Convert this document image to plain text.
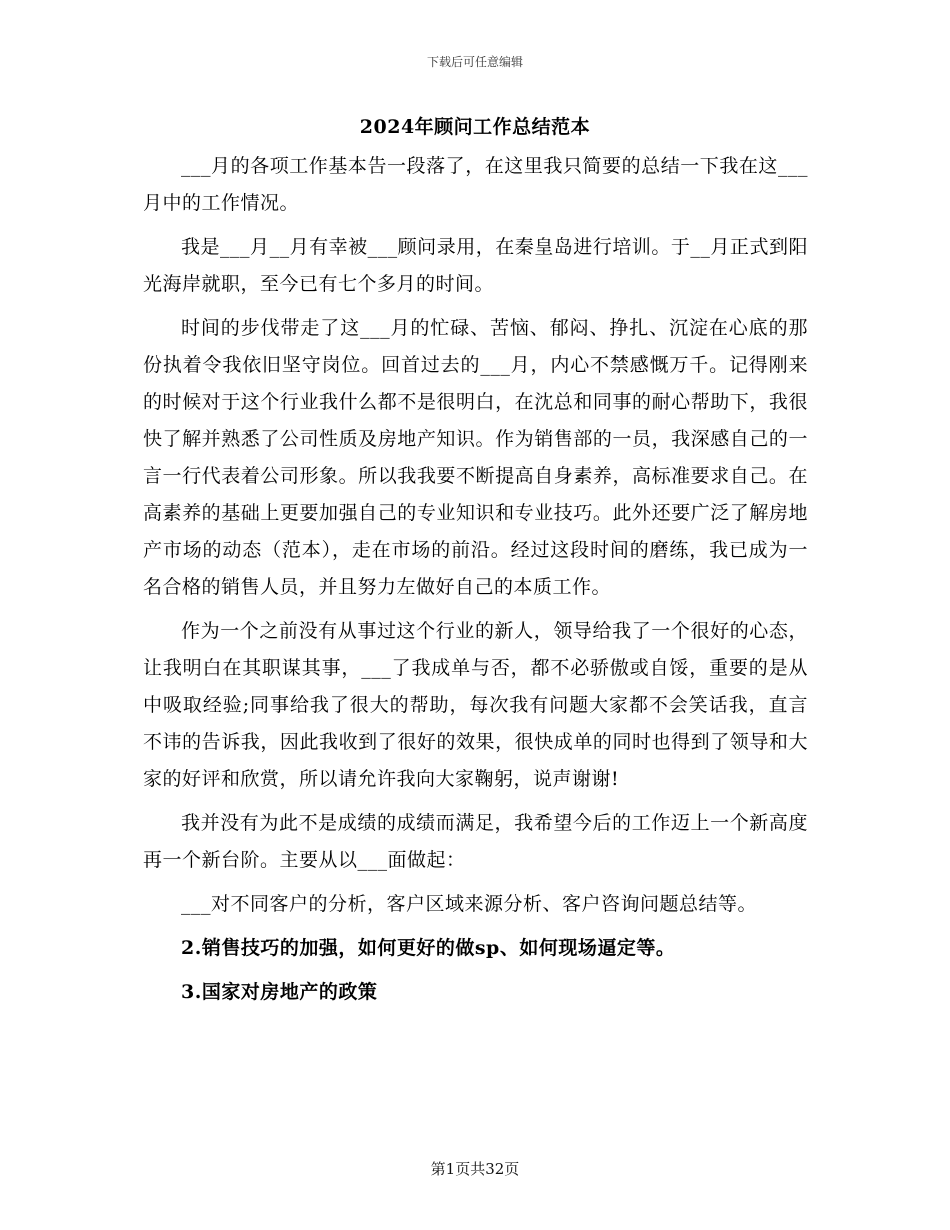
下载后可任意编辑
2024年顾问工作总结范本

___月的各项工作基本告一段落了，在这里我只简要的总结一下我在这___月中的工作情况。

我是___月__月有幸被___顾问录用，在秦皇岛进行培训。于__月正式到阳光海岸就职，至今已有七个多月的时间。

时间的步伐带走了这___月的忙碌、苦恼、郁闷、挣扎、沉淀在心底的那份执着令我依旧坚守岗位。回首过去的___月，内心不禁感慨万千。记得刚来的时候对于这个行业我什么都不是很明白，在沈总和同事的耐心帮助下，我很快了解并熟悉了公司性质及房地产知识。作为销售部的一员，我深感自己的一言一行代表着公司形象。所以我我要不断提高自身素养，高标准要求自己。在高素养的基础上更要加强自己的专业知识和专业技巧。此外还要广泛了解房地产市场的动态（范本），走在市场的前沿。经过这段时间的磨练，我已成为一名合格的销售人员，并且努力左做好自己的本质工作。

作为一个之前没有从事过这个行业的新人，领导给我了一个很好的心态，让我明白在其职谋其事，___了我成单与否，都不必骄傲或自馁，重要的是从中吸取经验;同事给我了很大的帮助，每次我有问题大家都不会笑话我，直言不讳的告诉我，因此我收到了很好的效果，很快成单的同时也得到了领导和大家的好评和欣赏，所以请允许我向大家鞠躬，说声谢谢!

我并没有为此不是成绩的成绩而满足，我希望今后的工作迈上一个新高度再一个新台阶。主要从以___面做起：

___对不同客户的分析，客户区域来源分析、客户咨询问题总结等。

2.销售技巧的加强，如何更好的做sp、如何现场逼定等。

3.国家对房地产的政策

第1页共32页
